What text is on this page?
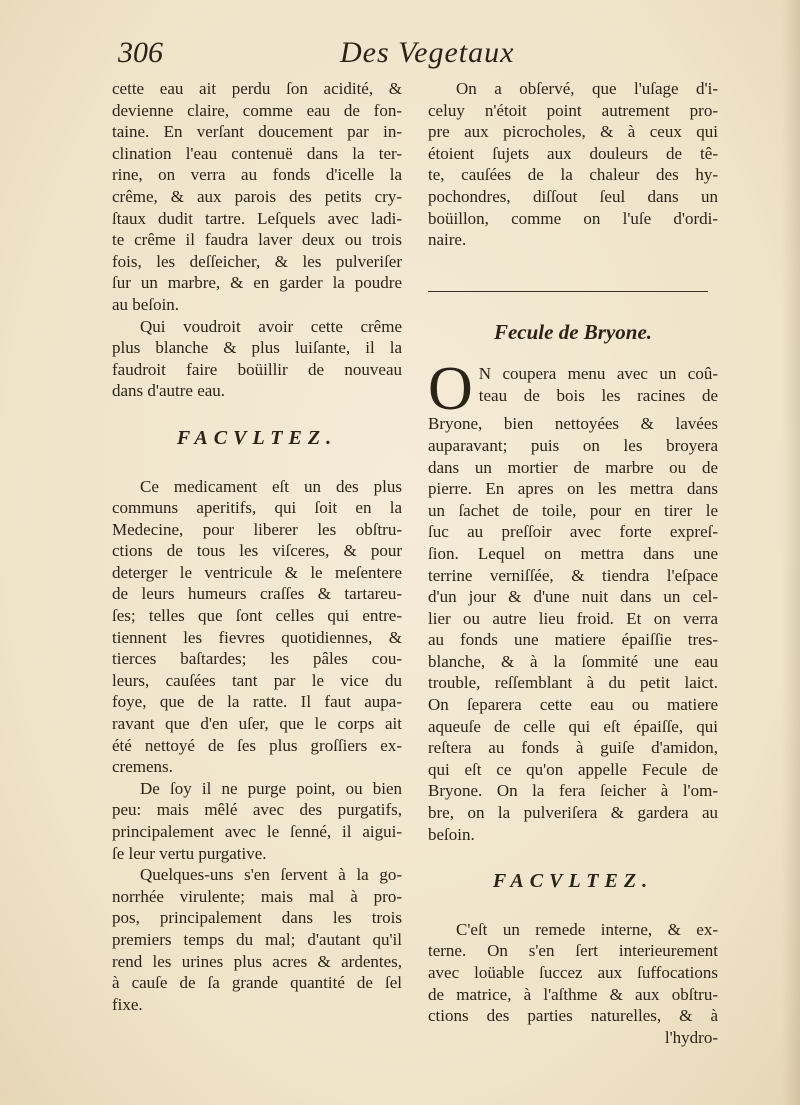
306	Des Vegetaux

cette eau ait perdu ſon acidité, &
devienne claire, comme eau de fon-
taine. En verſant doucement par in-
clination l'eau contenuë dans la ter-
rine, on verra au fonds d'icelle la
crême, & aux parois des petits cry-
ſtaux dudit tartre. Leſquels avec ladi-
te crême il faudra laver deux ou trois
fois, les deſſeicher, & les pulveriſer
ſur un marbre, & en garder la poudre
au beſoin.

Qui voudroit avoir cette crême
plus blanche & plus luiſante, il la
faudroit faire boüillir de nouveau
dans d'autre eau.

FACVLTEZ.

Ce medicament eſt un des plus
communs aperitifs, qui ſoit en la
Medecine, pour liberer les obſtru-
ctions de tous les viſceres, & pour
deterger le ventricule & le meſentere
de leurs humeurs craſſes & tartareu-
ſes; telles que ſont celles qui entre-
tiennent les fievres quotidiennes, &
tierces baſtardes; les pâles cou-
leurs, cauſées tant par le vice du
foye, que de la ratte. Il faut aupa-
ravant que d'en uſer, que le corps ait
été nettoyé de ſes plus groſſiers ex-
cremens.

De ſoy il ne purge point, ou bien
peu: mais mêlé avec des purgatifs,
principalement avec le ſenné, il aigui-
ſe leur vertu purgative.

Quelques-uns s'en ſervent à la go-
norrhée virulente; mais mal à pro-
pos, principalement dans les trois
premiers temps du mal; d'autant qu'il
rend les urines plus acres & ardentes,
à cauſe de ſa grande quantité de ſel
fixe.

On a obſervé, que l'uſage d'i-
celuy n'étoit point autrement pro-
pre aux picrocholes, & à ceux qui
étoient ſujets aux douleurs de tê-
te, cauſées de la chaleur des hy-
pochondres, diſſout ſeul dans un
boüillon, comme on l'uſe d'ordi-
naire.

Fecule de Bryone.
O N coupera menu avec un coû-
teau de bois les racines de

Bryone, bien nettoyées & lavées
auparavant; puis on les broyera
dans un mortier de marbre ou de
pierre. En apres on les mettra dans
un ſachet de toile, pour en tirer le
ſuc au preſſoir avec forte expreſ-
ſion. Lequel on mettra dans une
terrine verniſſée, & tiendra l'eſpace
d'un jour & d'une nuit dans un cel-
lier ou autre lieu froid. Et on verra
au fonds une matiere épaiſſie tres-
blanche, & à la ſommité une eau
trouble, reſſemblant à du petit laict.
On ſeparera cette eau ou matiere
aqueuſe de celle qui eſt épaiſſe, qui
reſtera au fonds à guiſe d'amidon,
qui eſt ce qu'on appelle Fecule de
Bryone. On la fera ſeicher à l'om-
bre, on la pulveriſera & gardera au
beſoin.

FACVLTEZ.

C'eſt un remede interne, & ex-
terne. On s'en ſert interieurement
avec loüable ſuccez aux ſuffocations
de matrice, à l'aſthme & aux obſtru-
ctions des parties naturelles, & à
l'hydro-
